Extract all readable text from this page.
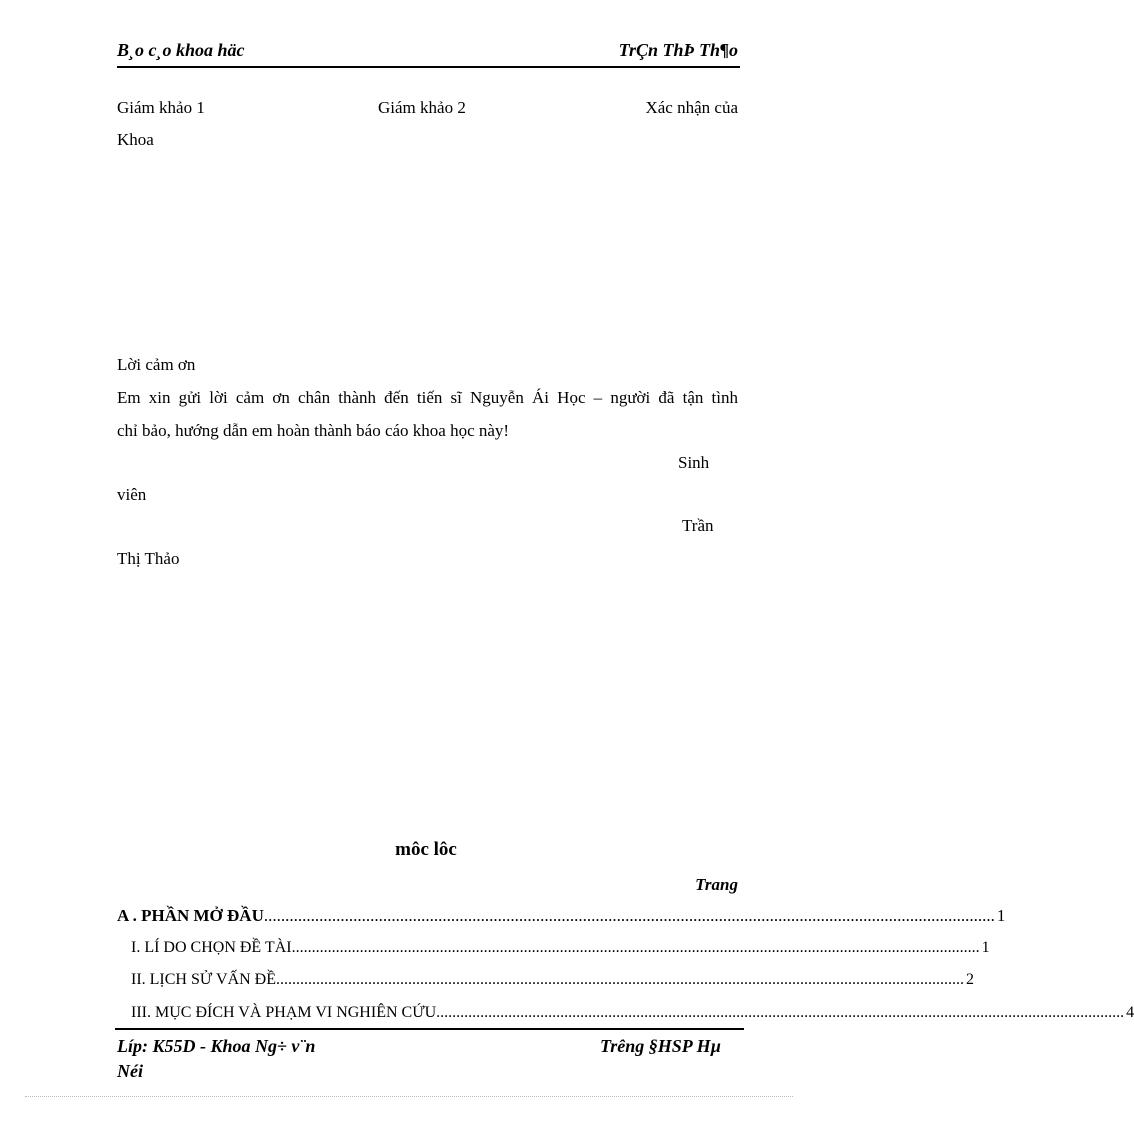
B¸o c¸o khoa häc	TrÇn ThÞ Th¶o
Giám khảo 1	Giám khảo 2	Xác nhận của
Khoa
Lời cảm ơn
Em xin gửi lời cảm ơn chân thành đến tiến sĩ Nguyễn Ái Học – người đã tận tình
chỉ bảo, hướng dẫn em hoàn thành báo cáo khoa học này!
Sinh
viên
Trần
Thị Thảo
môc lôc
Trang
A . PHẦN MỞ ĐẦU ............................................................................................................................................................................ 1
I. LÍ DO CHỌN ĐỀ TÀI ............................................................................................................................................................................ 1
II. LỊCH SỬ VẤN ĐỀ ............................................................................................................................................................................ 2
III. MỤC ĐÍCH VÀ PHẠM VI NGHIÊN CỨU ............................................................................................................................................................................ 4
Líp: K55D - Khoa Ng÷ v¨n	Trêng §HSP Hµ
Néi
